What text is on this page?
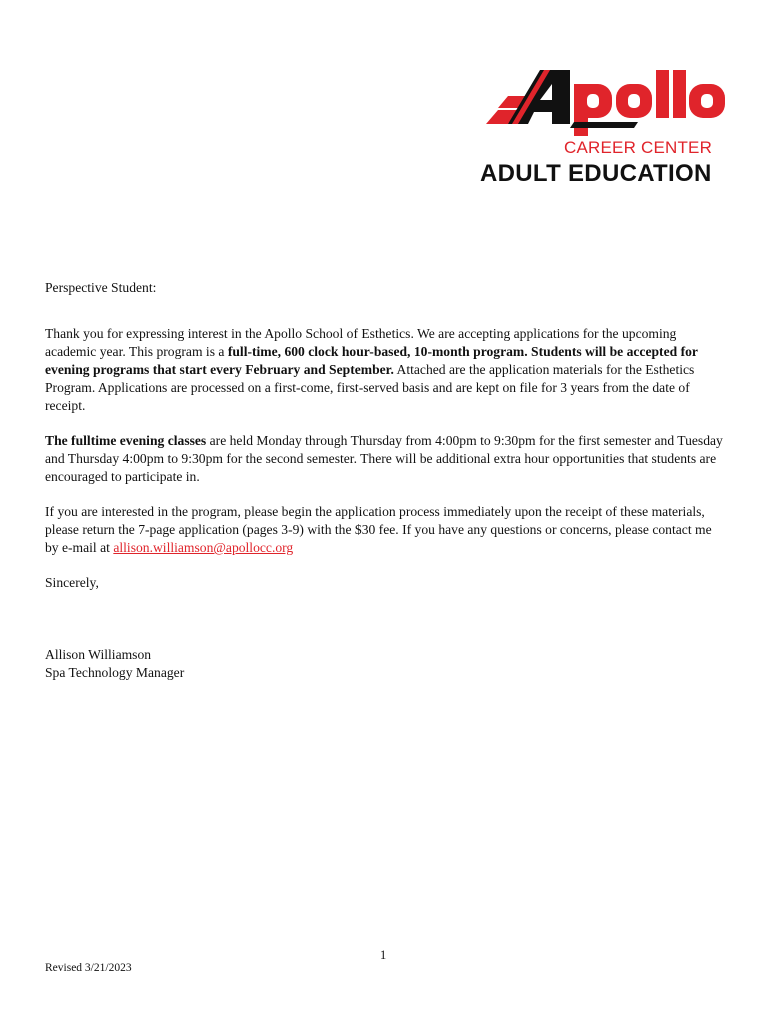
CAREER CENTER
ADULT EDUCATION

Perspective Student:

Thank you for expressing interest in the Apollo School of Esthetics. We are accepting applications for the upcoming academic year. This program is a full-time, 600 clock hour-based, 10-month program. Students will be accepted for evening programs that start every February and September. Attached are the application materials for the Esthetics Program. Applications are processed on a first-come, first-served basis and are kept on file for 3 years from the date of receipt.

The fulltime evening classes are held Monday through Thursday from 4:00pm to 9:30pm for the first semester and Tuesday and Thursday 4:00pm to 9:30pm for the second semester. There will be additional extra hour opportunities that students are encouraged to participate in.

If you are interested in the program, please begin the application process immediately upon the receipt of these materials, please return the 7-page application (pages 3-9) with the $30 fee. If you have any questions or concerns, please contact me by e-mail at allison.williamson@apollocc.org

Sincerely,

Allison Williamson

Spa Technology Manager

1
Revised 3/21/2023
